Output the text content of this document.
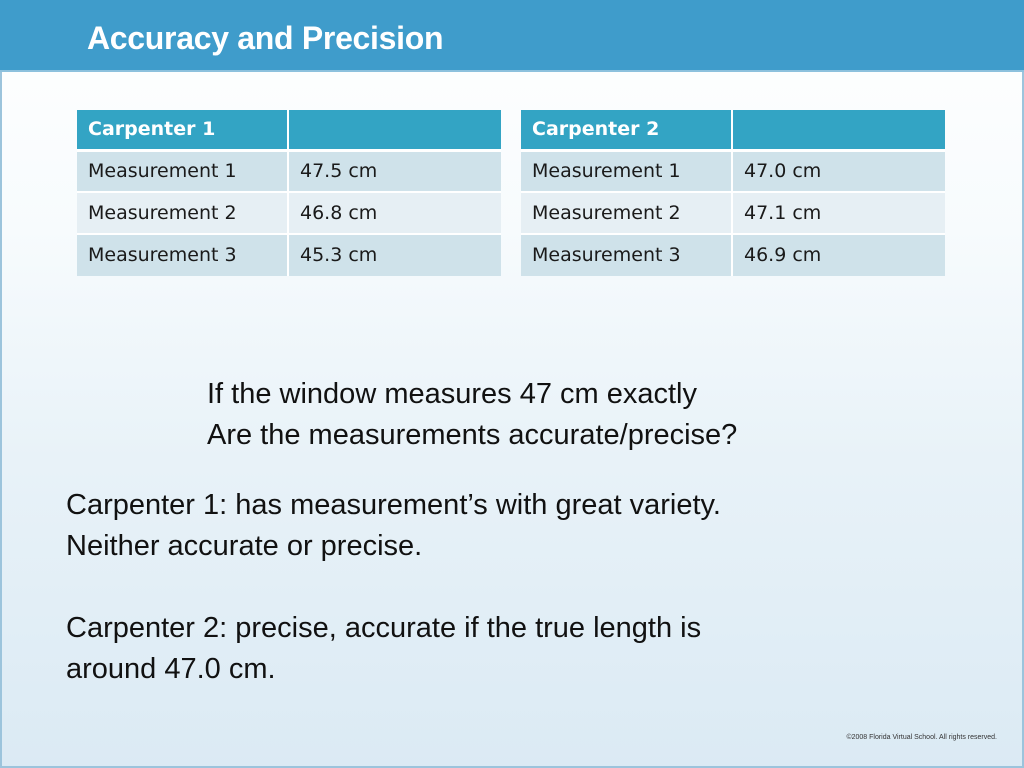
Accuracy and Precision
Carpenter 1	
Measurement 1	47.5 cm
Measurement 2	46.8 cm
Measurement 3	45.3 cm
Carpenter 2	
Measurement 1	47.0 cm
Measurement 2	47.1 cm
Measurement 3	46.9 cm
If the window measures 47 cm exactly
Are the measurements accurate/precise?
Carpenter 1: has measurement’s with great variety.
Neither accurate or precise.
Carpenter 2: precise, accurate if the true length is
around 47.0 cm.
©2008 Florida Virtual School. All rights reserved.
